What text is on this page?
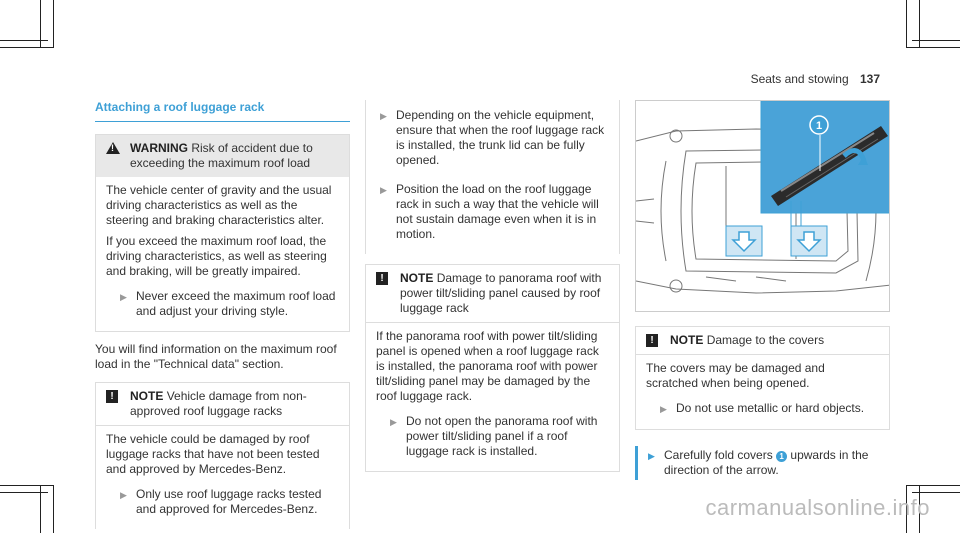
Seats and stowing 137
Attaching a roof luggage rack
!
WARNING Risk of accident due to exceeding the maximum roof load

The vehicle center of gravity and the usual driving characteristics as well as the steering and braking characteristics alter.

If you exceed the maximum roof load, the driving characteristics, as well as steering and braking, will be greatly impaired.

▶ Never exceed the maximum roof load and adjust your driving style.

You will find information on the maximum roof load in the "Technical data" section.

!	NOTE Vehicle damage from non-approved roof luggage racks

The vehicle could be damaged by roof luggage racks that have not been tested and approved by Mercedes-Benz.

▶ Only use roof luggage racks tested and approved for Mercedes-Benz.
▶ Depending on the vehicle equipment, ensure that when the roof luggage rack is installed, the trunk lid can be fully opened.
▶ Position the load on the roof luggage rack in such a way that the vehicle will not sustain damage even when it is in motion.
!	NOTE Damage to panorama roof with power tilt/sliding panel caused by roof luggage rack

If the panorama roof with power tilt/sliding panel is opened when a roof luggage rack is installed, the panorama roof with power tilt/sliding panel may be damaged by the roof luggage rack.

▶ Do not open the panorama roof with power tilt/sliding panel if a roof luggage rack is installed.
1
!	NOTE Damage to the covers

The covers may be damaged and scratched when being opened.

▶ Do not use metallic or hard objects.
▶ Carefully fold covers 1 upwards in the direction of the arrow.
carmanualsonline.info
